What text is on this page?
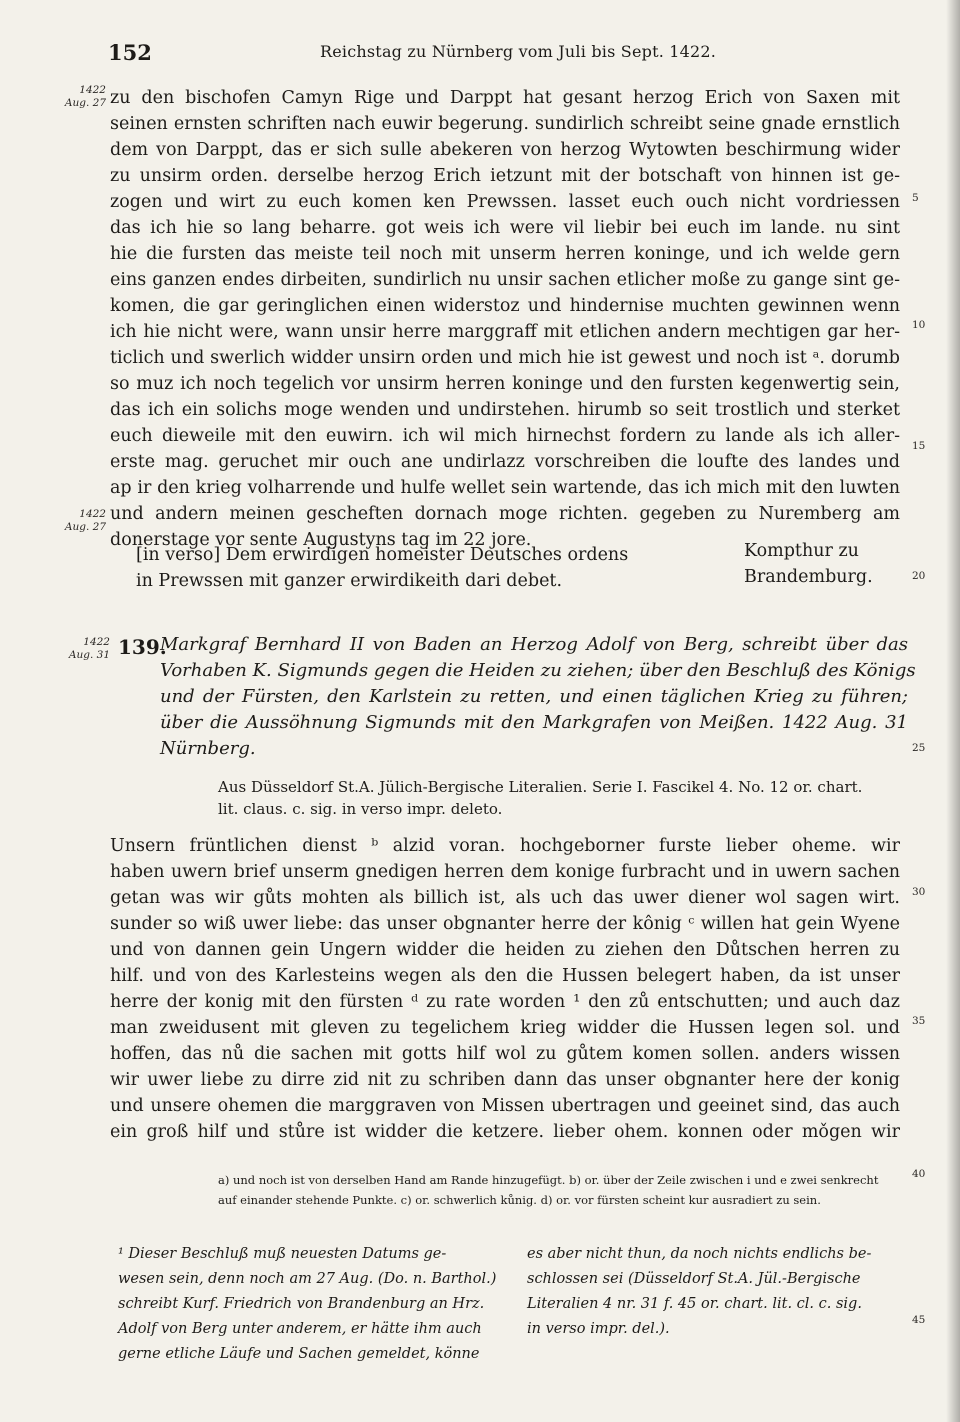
152	Reichstag zu Nürnberg vom Juli bis Sept. 1422.
1422
Aug. 27
1422
Aug. 27
1422
Aug. 31
5
10
15
20
25
30
35
40
45
zu den bischofen Camyn Rige und Darppt hat gesant herzog Erich von Saxen mit
seinen ernsten schriften nach euwir begerung. sundirlich schreibt seine gnade ernstlich
dem von Darppt, das er sich sulle abekeren von herzog Wytowten beschirmung wider
zu unsirm orden. derselbe herzog Erich ietzunt mit der botschaft von hinnen ist ge-
zogen und wirt zu euch komen ken Prewssen. lasset euch ouch nicht vordriessen
das ich hie so lang beharre. got weis ich were vil liebir bei euch im lande. nu sint
hie die fursten das meiste teil noch mit unserm herren koninge, und ich welde gern
eins ganzen endes dirbeiten, sundirlich nu unsir sachen etlicher moße zu gange sint ge-
komen, die gar geringlichen einen widerstoz und hindernise muchten gewinnen wenn
ich hie nicht were, wann unsir herre marggraff mit etlichen andern mechtigen gar her-
ticlich und swerlich widder unsirn orden und mich hie ist gewest und noch ist ᵃ. dorumb
so muz ich noch tegelich vor unsirm herren koninge und den fursten kegenwertig sein,
das ich ein solichs moge wenden und undirstehen. hirumb so seit trostlich und sterket
euch dieweile mit den euwirn. ich wil mich hirnechst fordern zu lande als ich aller-
erste mag. geruchet mir ouch ane undirlazz vorschreiben die loufte des landes und
ap ir den krieg volharrende und hulfe wellet sein wartende, das ich mich mit den luwten
und andern meinen gescheften dornach moge richten. gegeben zu Nuremberg am
donerstage vor sente Augustyns tag im 22 jore.
[in verso] Dem erwirdigen homeister Deutsches ordens
in Prewssen mit ganzer erwirdikeith dari debet.
Kompthur zu
Brandemburg.
139.
Markgraf Bernhard II von Baden an Herzog Adolf von Berg, schreibt über das
Vorhaben K. Sigmunds gegen die Heiden zu ziehen; über den Beschluß des Königs
und der Fürsten, den Karlstein zu retten, und einen täglichen Krieg zu führen;
über die Aussöhnung Sigmunds mit den Markgrafen von Meißen. 1422 Aug. 31
Nürnberg.
Aus Düsseldorf St.A. Jülich-Bergische Literalien. Serie I. Fascikel 4. No. 12 or. chart.
lit. claus. c. sig. in verso impr. deleto.
Unsern früntlichen dienst ᵇ alzid voran. hochgeborner furste lieber oheme. wir
haben uwern brief unserm gnedigen herren dem konige furbracht und in uwern sachen
getan was wir gůts mohten als billich ist, als uch das uwer diener wol sagen wirt.
sunder so wiß uwer liebe: das unser obgnanter herre der kônig ᶜ willen hat gein Wyene
und von dannen gein Ungern widder die heiden zu ziehen den Důtschen herren zu
hilf. und von des Karlesteins wegen als den die Hussen belegert haben, da ist unser
herre der konig mit den fürsten ᵈ zu rate worden ¹ den zů entschutten; und auch daz
man zweidusent mit gleven zu tegelichem krieg widder die Hussen legen sol. und
hoffen, das nů die sachen mit gotts hilf wol zu gůtem komen sollen. anders wissen
wir uwer liebe zu dirre zid nit zu schriben dann das unser obgnanter here der konig
und unsere ohemen die marggraven von Missen ubertragen und geeinet sind, das auch
ein groß hilf und stůre ist widder die ketzere. lieber ohem. konnen oder mǒgen wir
a) und noch ist von derselben Hand am Rande hinzugefügt. b) or. über der Zeile zwischen i und e zwei senkrecht
auf einander stehende Punkte. c) or. schwerlich kůnig. d) or. vor fürsten scheint kur ausradiert zu sein.
¹ Dieser Beschluß muß neuesten Datums ge-
wesen sein, denn noch am 27 Aug. (Do. n. Barthol.)
schreibt Kurf. Friedrich von Brandenburg an Hrz.
Adolf von Berg unter anderem, er hätte ihm auch
gerne etliche Läufe und Sachen gemeldet, könne
es aber nicht thun, da noch nichts endlichs be-
schlossen sei (Düsseldorf St.A. Jül.-Bergische
Literalien 4 nr. 31 f. 45 or. chart. lit. cl. c. sig.
in verso impr. del.).
